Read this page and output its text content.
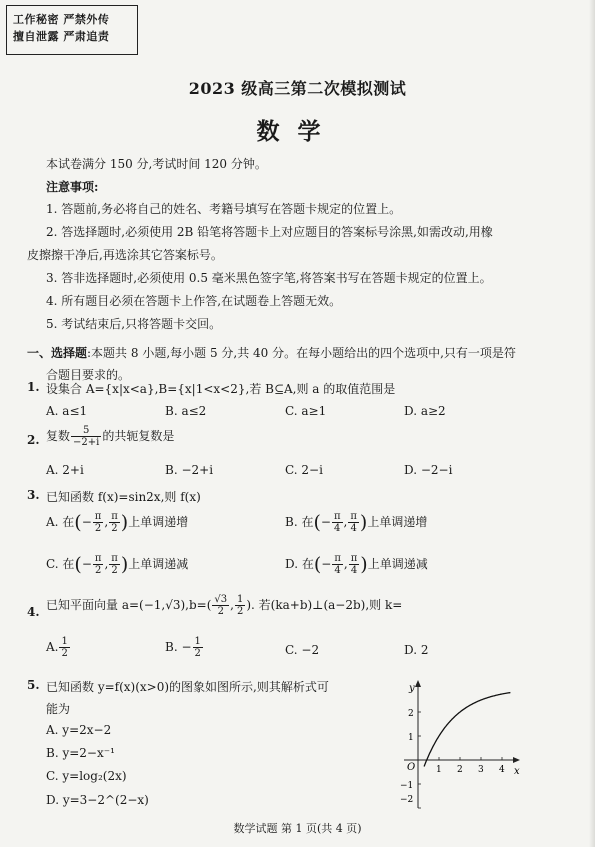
工作秘密 严禁外传
擅自泄露 严肃追责
2023 级高三第二次模拟测试
数学
本试卷满分 150 分,考试时间 120 分钟。
注意事项:
1. 答题前,务必将自己的姓名、考籍号填写在答题卡规定的位置上。
2. 答选择题时,必须使用 2B 铅笔将答题卡上对应题目的答案标号涂黑,如需改动,用橡
皮擦擦干净后,再选涂其它答案标号。
3. 答非选择题时,必须使用 0.5 毫米黑色签字笔,将答案书写在答题卡规定的位置上。
4. 所有题目必须在答题卡上作答,在试题卷上答题无效。
5. 考试结束后,只将答题卡交回。
一、选择题:本题共 8 小题,每小题 5 分,共 40 分。在每小题给出的四个选项中,只有一项是符
合题目要求的。
1. 设集合 A={x|x<a},B={x|1<x<2},若 B⊆A,则 a 的取值范围是
A. a≤1	B. a≤2	C. a≥1	D. a≥2
2. 复数 $\frac{5}{-2+i}$ 的共轭复数是
A. 2+i	B. −2+i	C. 2−i	D. −2−i
3. 已知函数 f(x)=sin2x,则 f(x)
A. 在(− $\frac{\pi}{2}$ , $\frac{\pi}{2}$ )上单调递增	B. 在(− $\frac{\pi}{4}$ , $\frac{\pi}{4}$ )上单调递增
C. 在(− $\frac{\pi}{2}$ , $\frac{\pi}{2}$ )上单调递减	D. 在(− $\frac{\pi}{4}$ , $\frac{\pi}{4}$ )上单调递减
4. 已知平面向量 $a=(-1,√3),b=( \frac{√3}{2}$ , $\frac{1}{2}$ ). 若(ka+b)⊥(a−2b),则 k=
A. $\frac{1}{2}$	B. − $\frac{1}{2}$	C. −2	D. 2
5. 已知函数 y=f(x)(x>0)的图象如图所示,则其解析式可
能为
A. y=2x−2
B. y=2−x⁻¹
C. y=log₂(2x)
D. y=3−2^(2−x)
y
x
O 1 2 3 4
2
1
−1
−2
数学试题 第 1 页(共 4 页)
